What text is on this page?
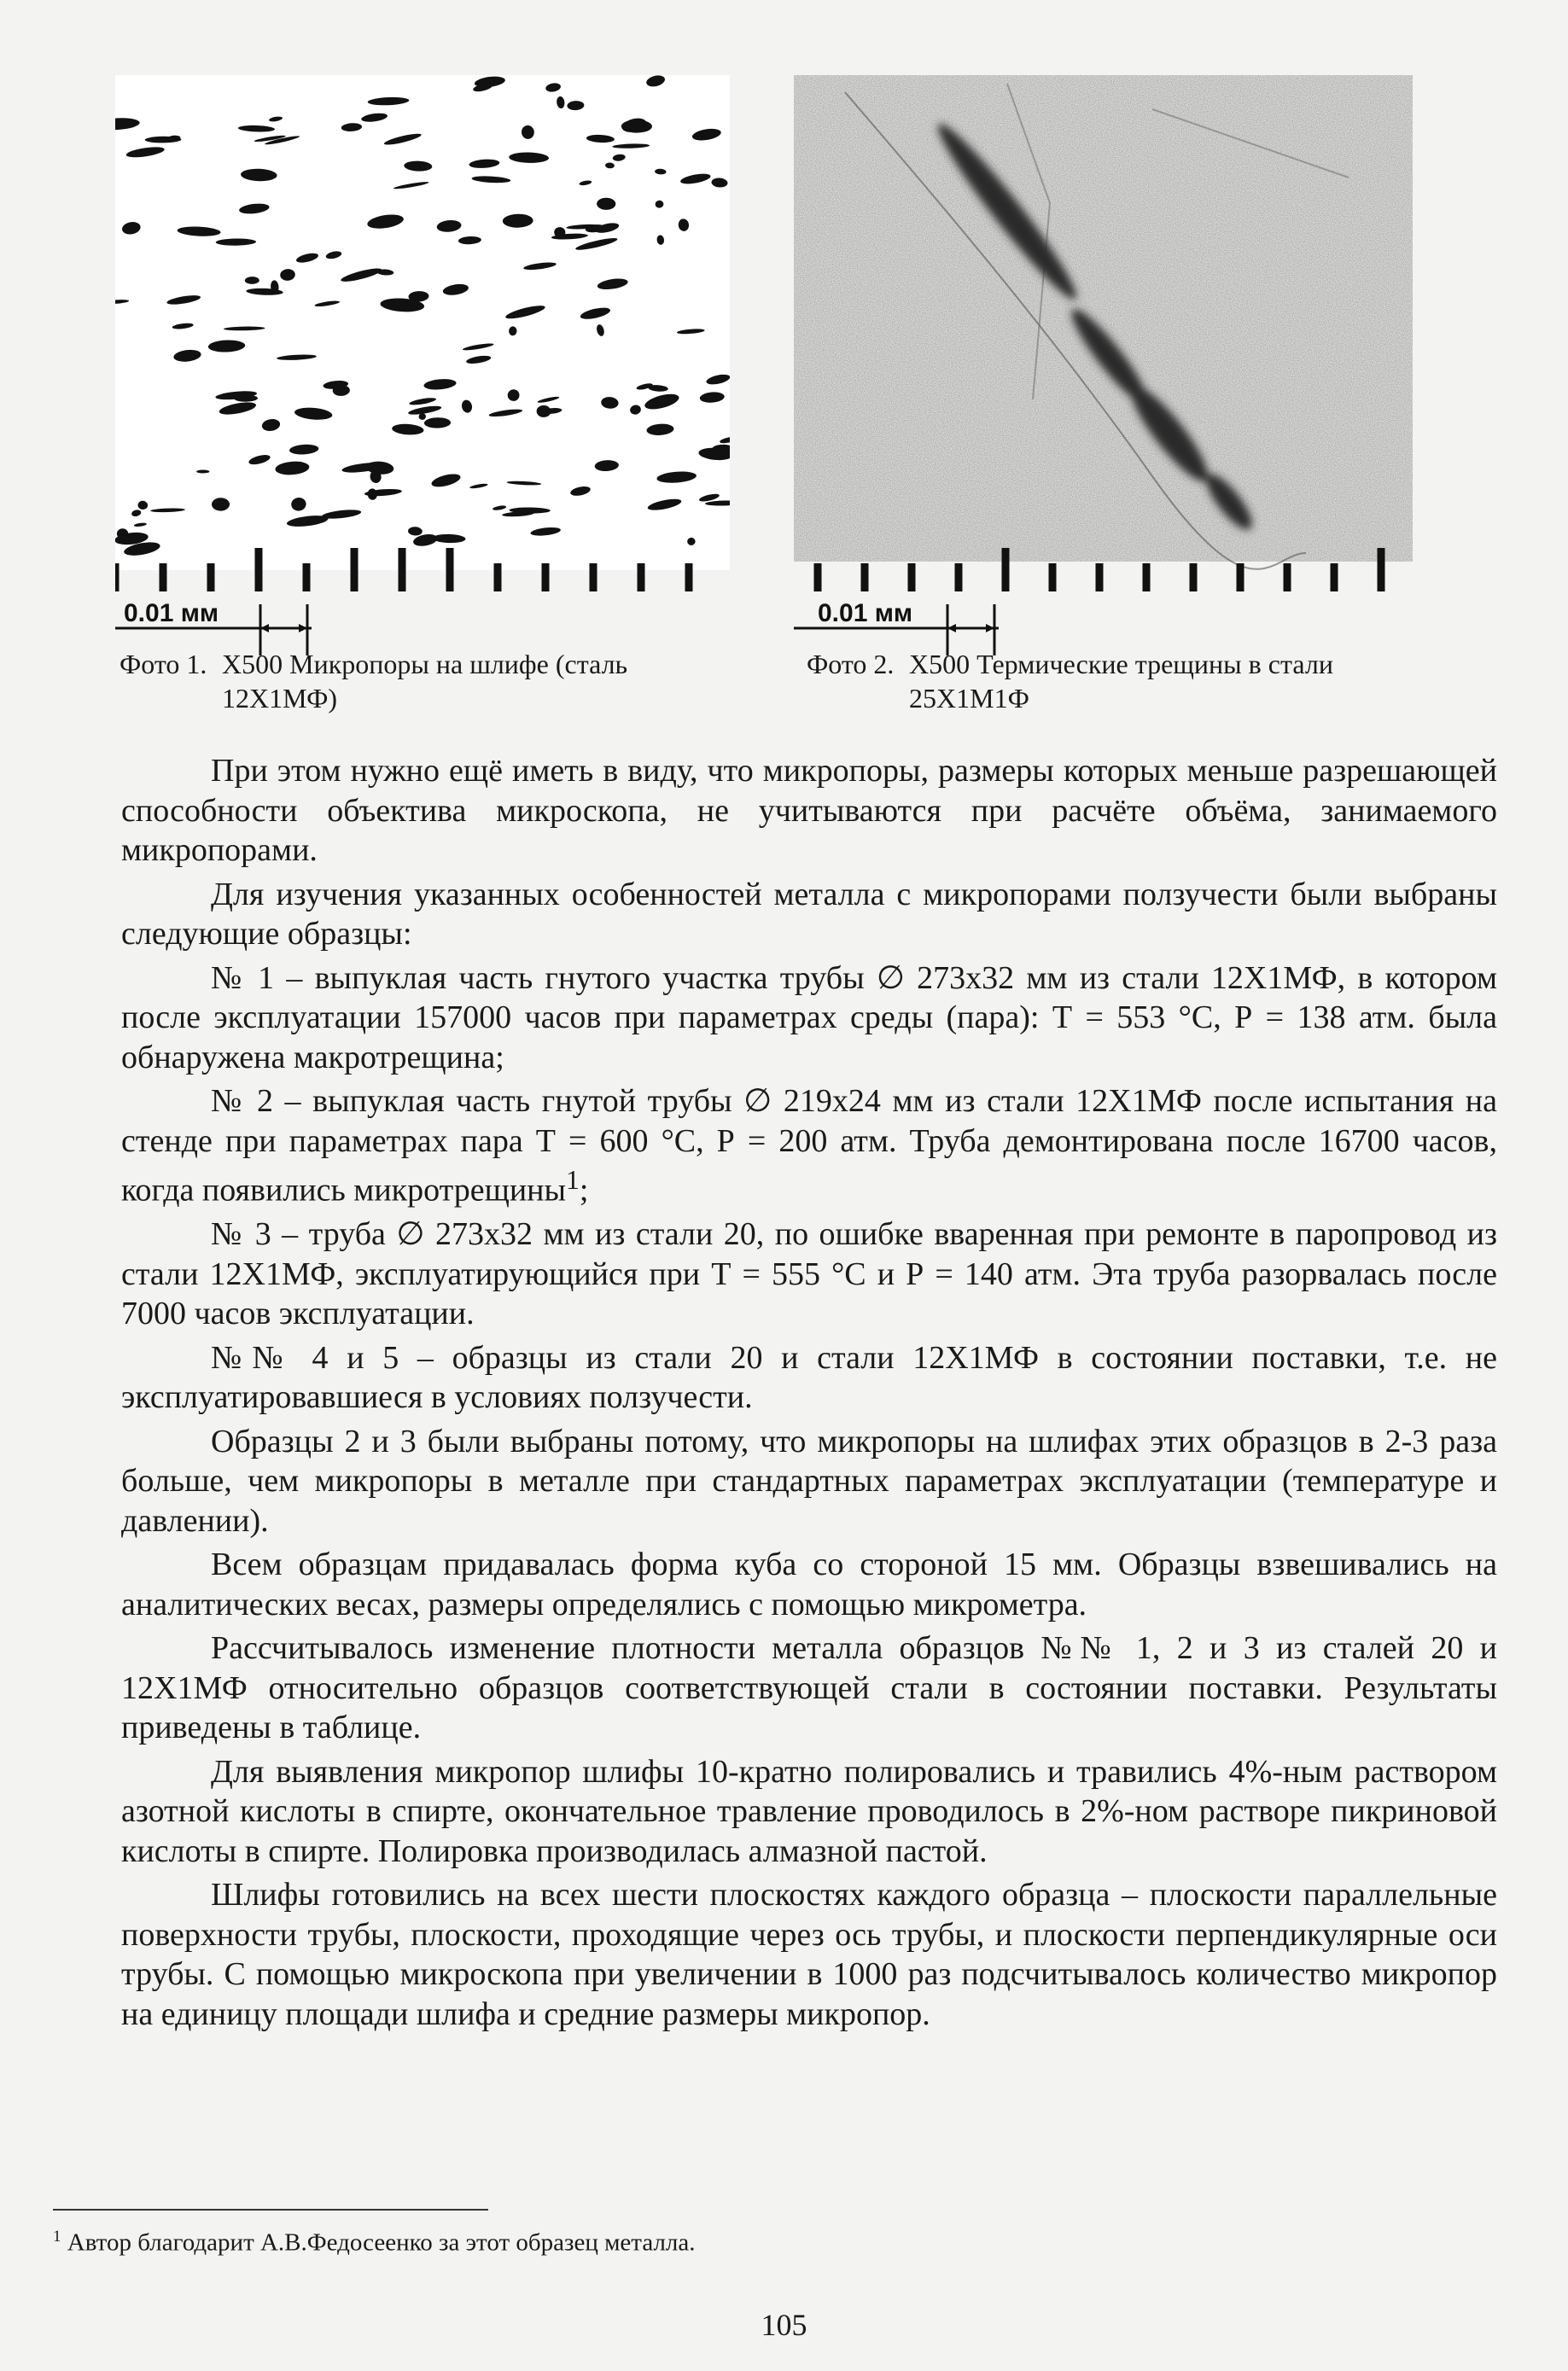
0.01 мм	0.01 мм
Фото 1. X500 Микропоры на шлифе (сталь 12Х1МФ)
Фото 2. X500 Термические трещины в стали 25Х1М1Ф

При этом нужно ещё иметь в виду, что микропоры, размеры которых меньше разрешающей способности объектива микроскопа, не учитываются при расчёте объёма, занимаемого микропорами.

Для изучения указанных особенностей металла с микропорами ползучести были выбраны следующие образцы:

№ 1 – выпуклая часть гнутого участка трубы ∅ 273х32 мм из стали 12Х1МФ, в котором после эксплуатации 157000 часов при параметрах среды (пара): Т = 553 °С, Р = 138 атм. была обнаружена макротрещина;

№ 2 – выпуклая часть гнутой трубы ∅ 219х24 мм из стали 12Х1МФ после испытания на стенде при параметрах пара Т = 600 °С, Р = 200 атм. Труба демонтирована после 16700 часов, когда появились микротрещины$^1$;

№ 3 – труба ∅ 273х32 мм из стали 20, по ошибке вваренная при ремонте в паропровод из стали 12Х1МФ, эксплуатирующийся при Т = 555 °С и Р = 140 атм. Эта труба разорвалась после 7000 часов эксплуатации.

№№ 4 и 5 – образцы из стали 20 и стали 12Х1МФ в состоянии поставки, т.е. не эксплуатировавшиеся в условиях ползучести.

Образцы 2 и 3 были выбраны потому, что микропоры на шлифах этих образцов в 2-3 раза больше, чем микропоры в металле при стандартных параметрах эксплуатации (температуре и давлении).

Всем образцам придавалась форма куба со стороной 15 мм. Образцы взвешивались на аналитических весах, размеры определялись с помощью микрометра.

Рассчитывалось изменение плотности металла образцов №№ 1, 2 и 3 из сталей 20 и 12Х1МФ относительно образцов соответствующей стали в состоянии поставки. Результаты приведены в таблице.

Для выявления микропор шлифы 10-кратно полировались и травились 4%-ным раствором азотной кислоты в спирте, окончательное травление проводилось в 2%-ном растворе пикриновой кислоты в спирте. Полировка производилась алмазной пастой.

Шлифы готовились на всех шести плоскостях каждого образца – плоскости параллельные поверхности трубы, плоскости, проходящие через ось трубы, и плоскости перпендикулярные оси трубы. С помощью микроскопа при увеличении в 1000 раз подсчитывалось количество микропор на единицу площади шлифа и средние размеры микропор.

$^1$ Автор благодарит А.В.Федосеенко за этот образец металла.
105
